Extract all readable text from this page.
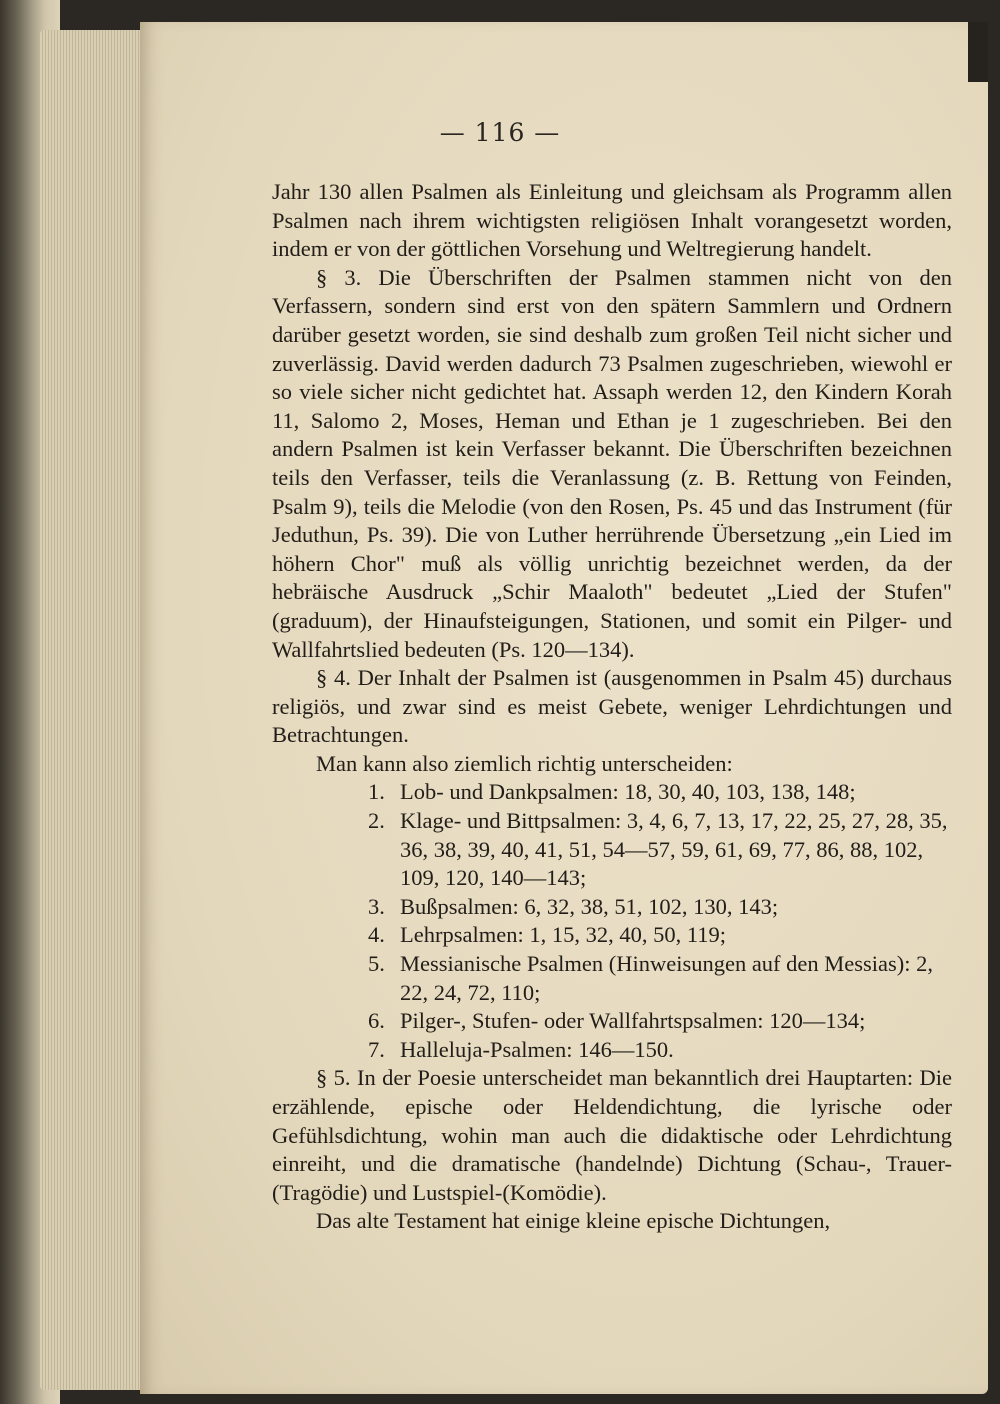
— 116 —

Jahr 130 allen Psalmen als Einleitung und gleichsam als Programm allen Psalmen nach ihrem wichtigsten religiösen Inhalt vorangesetzt worden, indem er von der göttlichen Vorsehung und Weltregierung handelt.

§ 3. Die Überschriften der Psalmen stammen nicht von den Verfassern, sondern sind erst von den spätern Sammlern und Ordnern darüber gesetzt worden, sie sind deshalb zum großen Teil nicht sicher und zuverlässig. David werden dadurch 73 Psalmen zugeschrieben, wiewohl er so viele sicher nicht gedichtet hat. Assaph werden 12, den Kindern Korah 11, Salomo 2, Moses, Heman und Ethan je 1 zugeschrieben. Bei den andern Psalmen ist kein Verfasser bekannt. Die Überschriften bezeichnen teils den Verfasser, teils die Veranlassung (z. B. Rettung von Feinden, Psalm 9), teils die Melodie (von den Rosen, Ps. 45 und das Instrument (für Jeduthun, Ps. 39). Die von Luther herrührende Übersetzung „ein Lied im höhern Chor" muß als völlig unrichtig bezeichnet werden, da der hebräische Ausdruck „Schir Maaloth" bedeutet „Lied der Stufen" (graduum), der Hinaufsteigungen, Stationen, und somit ein Pilger- und Wallfahrtslied bedeuten (Ps. 120—134).

§ 4. Der Inhalt der Psalmen ist (ausgenommen in Psalm 45) durchaus religiös, und zwar sind es meist Gebete, weniger Lehrdichtungen und Betrachtungen.

Man kann also ziemlich richtig unterscheiden:

1. Lob- und Dankpsalmen: 18, 30, 40, 103, 138, 148;
2. Klage- und Bittpsalmen: 3, 4, 6, 7, 13, 17, 22, 25, 27, 28, 35, 36, 38, 39, 40, 41, 51, 54—57, 59, 61, 69, 77, 86, 88, 102, 109, 120, 140—143;
3. Bußpsalmen: 6, 32, 38, 51, 102, 130, 143;
4. Lehrpsalmen: 1, 15, 32, 40, 50, 119;
5. Messianische Psalmen (Hinweisungen auf den Messias): 2, 22, 24, 72, 110;
6. Pilger-, Stufen- oder Wallfahrtspsalmen: 120—134;
7. Halleluja-Psalmen: 146—150.

§ 5. In der Poesie unterscheidet man bekanntlich drei Hauptarten: Die erzählende, epische oder Heldendichtung, die lyrische oder Gefühlsdichtung, wohin man auch die didaktische oder Lehrdichtung einreiht, und die dramatische (handelnde) Dichtung (Schau-, Trauer-(Tragödie) und Lustspiel-(Komödie).

Das alte Testament hat einige kleine epische Dichtungen,
